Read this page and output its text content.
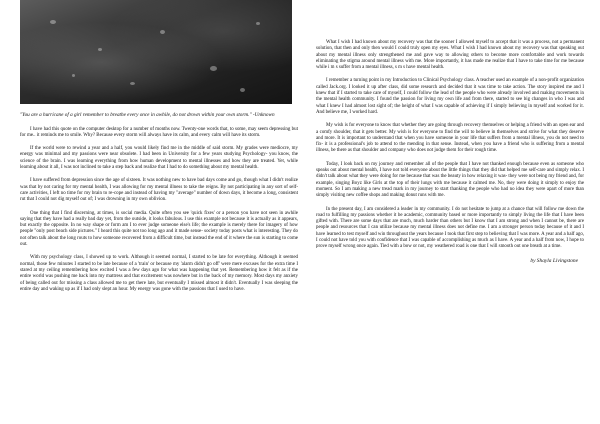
"You are a hurricane of a girl remember to breathe every once in awhile, do not drown within your own storm." -Unknown

I have had this quote on the computer desktop for a number of months now. Twenty-one words that, to some, may seem depressing but for me.. it reminds me to smile. Why? Because every storm will always have its calm, and every calm will have its storm.

If the world were to rewind a year and a half, you would likely find me in the middle of said storm. My grades were mediocre, my energy was minimal and my passions were near obsolete. I had been in University for a few years studying Psychology- you know, the science of the brain. I was learning everything from how human development to mental illnesses and how they are treated. Yet, while learning about it all, I was not inclined to take a step back and realize that I had to do something about my mental health.

I have suffered from depression since the age of sixteen. It was nothing new to have bad days come and go, though what I didn't realize was that by not caring for my mental health, I was allowing for my mental illness to take the reigns. By not participating in any sort of self-care activities, I left no time for my brain to re-cope and instead of having my "average" number of down days, it become a long, consistent rut that I could not dig myself out of; I was drowning in my own oblivion.

One thing that I find discerning, at times, is social media. Quite often you see 'quick fixes' or a person you have not seen in awhile saying that they have had a really bad day yet, from the outside, it looks fabulous. I use this example not because it is actually as it appears, but exactly the opposite. In no way shape or form am I to ever judge someone else's life; the example is merely there for imagery of how people "only post beach side pictures." I heard this quite not too long ago and it made sense- society today posts what is interesting. They do not often talk about the long routs to how someone recovered from a difficult time, but instead the end of it where the sun is starting to come out.

With my psychology class, I showed up to work. Although it seemed normal, I started to be late for everything. Although it seemed normal, those few minutes I started to be late because of a 'train' or because my 'alarm didn't go off' were mere excuses for the extra time I stared at my ceiling remembering how excited I was a few days ago for what was happening that yet. Remembering how it felt as if the entire world was pushing me back into my mattress and that excitement was nowhere but in the back of my memory. Most days my anxiety of being called out for missing a class allowed me to get there late, but eventually I missed almost it didn't. Eventually I was sleeping the entire day and waking up as if I had only slept an hour. My energy was gone with the passions that I used to have.

What I wish I had known about my recovery was that the sooner I allowed myself to accept that it was a process, not a permanent solution, that then and only then would I could truly open my eyes. What I wish I had known about my recovery was that speaking out about my mental illness only strengthened me and gave way to allowing others to become more comfortable and work towards eliminating the stigma around mental illness with me. More importantly, it has made me realize that I have to take time for me because while i m s suffer from a mental illness, s m s have mental health.

I remember a turning point in my Introduction to Clinical Psychology class. A teacher used an example of a non-profit organization called Jack.org. I looked it up after class, did some research and decided that it was time to take action. The story inspired me and I knew that if I started to take care of myself, I could follow the lead of the people who were already involved and making movements in the mental health community. I found the passion for living my own life and from there, started to see big changes in who I was and what I knew I had almost lost sight of; the height of what I was capable of achieving if I simply believing in myself and worked for it. And believe me, I worked hard.

My wish is for everyone to know that whether they are going through recovery themselves or helping a friend with an open ear and a comfy shoulder, that it gets better. My wish is for everyone to find the will to believe in themselves and strive for what they deserve and more. It is important to understand that when you have someone in your life that suffers from a mental illness, you do not need to fix- it is a professional's job to attend to the mending in that sense. Instead, when you have a friend who is suffering from a mental illness, be there as that shoulder and company who does not judge them for their rough time.

Today, I look back on my journey and remember all of the people that I have not thanked enough because even as someone who speaks out about mental health, I have not told everyone about the little things that they did that helped me self-care and simply relax. I didn't talk about what they were doing for me because that was the beauty in how relaxing it was- they were not being my friend and, for example, singing Boyz like Girls at the top of their lungs with me because it calmed me. No, they were doing it simply to enjoy the moment. So I am making a new tread mark in my journey to start thanking the people who had no idea they were apart of more than simply visiting new coffee shops and making donut runs with me.

In the present day, I am considered a leader in my community. I do not hesitate to jump at a chance that will follow me down the road to fulfilling my passions whether it be academic, community based or more importantly to simply living the life that I have been gifted with. There are some days that are much, much harder than others but I know that I am strong and when I cannot be, there are people and resources that I can utilize because my mental illness does not define me. I am a stronger person today because of it and I have learned to test myself and win throughout the years because I took that first step to believing that I was more. A year and a half ago, I could not have told you with confidence that I was capable of accomplishing as much as I have. A year and a half from now, I hope to prove myself wrong once again. Tied with a bow or not, my weathered road is one that I will smooth out one breath at a time.

by Shayla Livingstone
